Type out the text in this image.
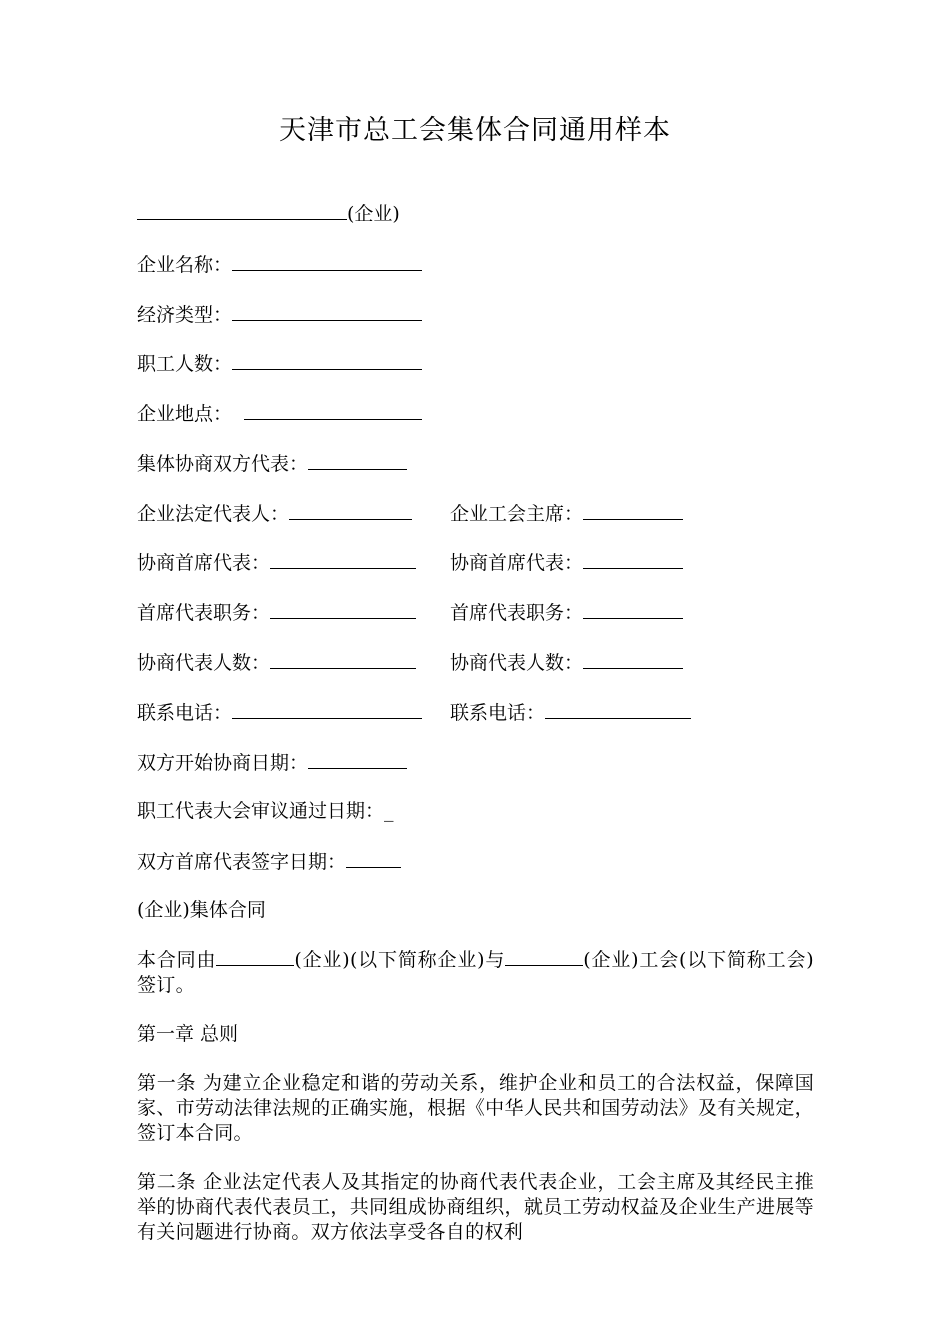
天津市总工会集体合同通用样本
(企业)
企业名称：
经济类型：
职工人数：
企业地点：
集体协商双方代表：
企业法定代表人：	企业工会主席：
协商首席代表：	协商首席代表：
首席代表职务：	首席代表职务：
协商代表人数：	协商代表人数：
联系电话：	联系电话：
双方开始协商日期：
职工代表大会审议通过日期：_
双方首席代表签字日期：
(企业)集体合同
本合同由	(企业)(以下简称企业)与	(企业)工会(以下简称工会)签订。
第一章 总则
第一条 为建立企业稳定和谐的劳动关系，维护企业和员工的合法权益，保障国家、市劳动法律法规的正确实施，根据《中华人民共和国劳动法》及有关规定，签订本合同。
第二条 企业法定代表人及其指定的协商代表代表企业，工会主席及其经民主推举的协商代表代表员工，共同组成协商组织，就员工劳动权益及企业生产进展等有关问题进行协商。双方依法享受各自的权利
